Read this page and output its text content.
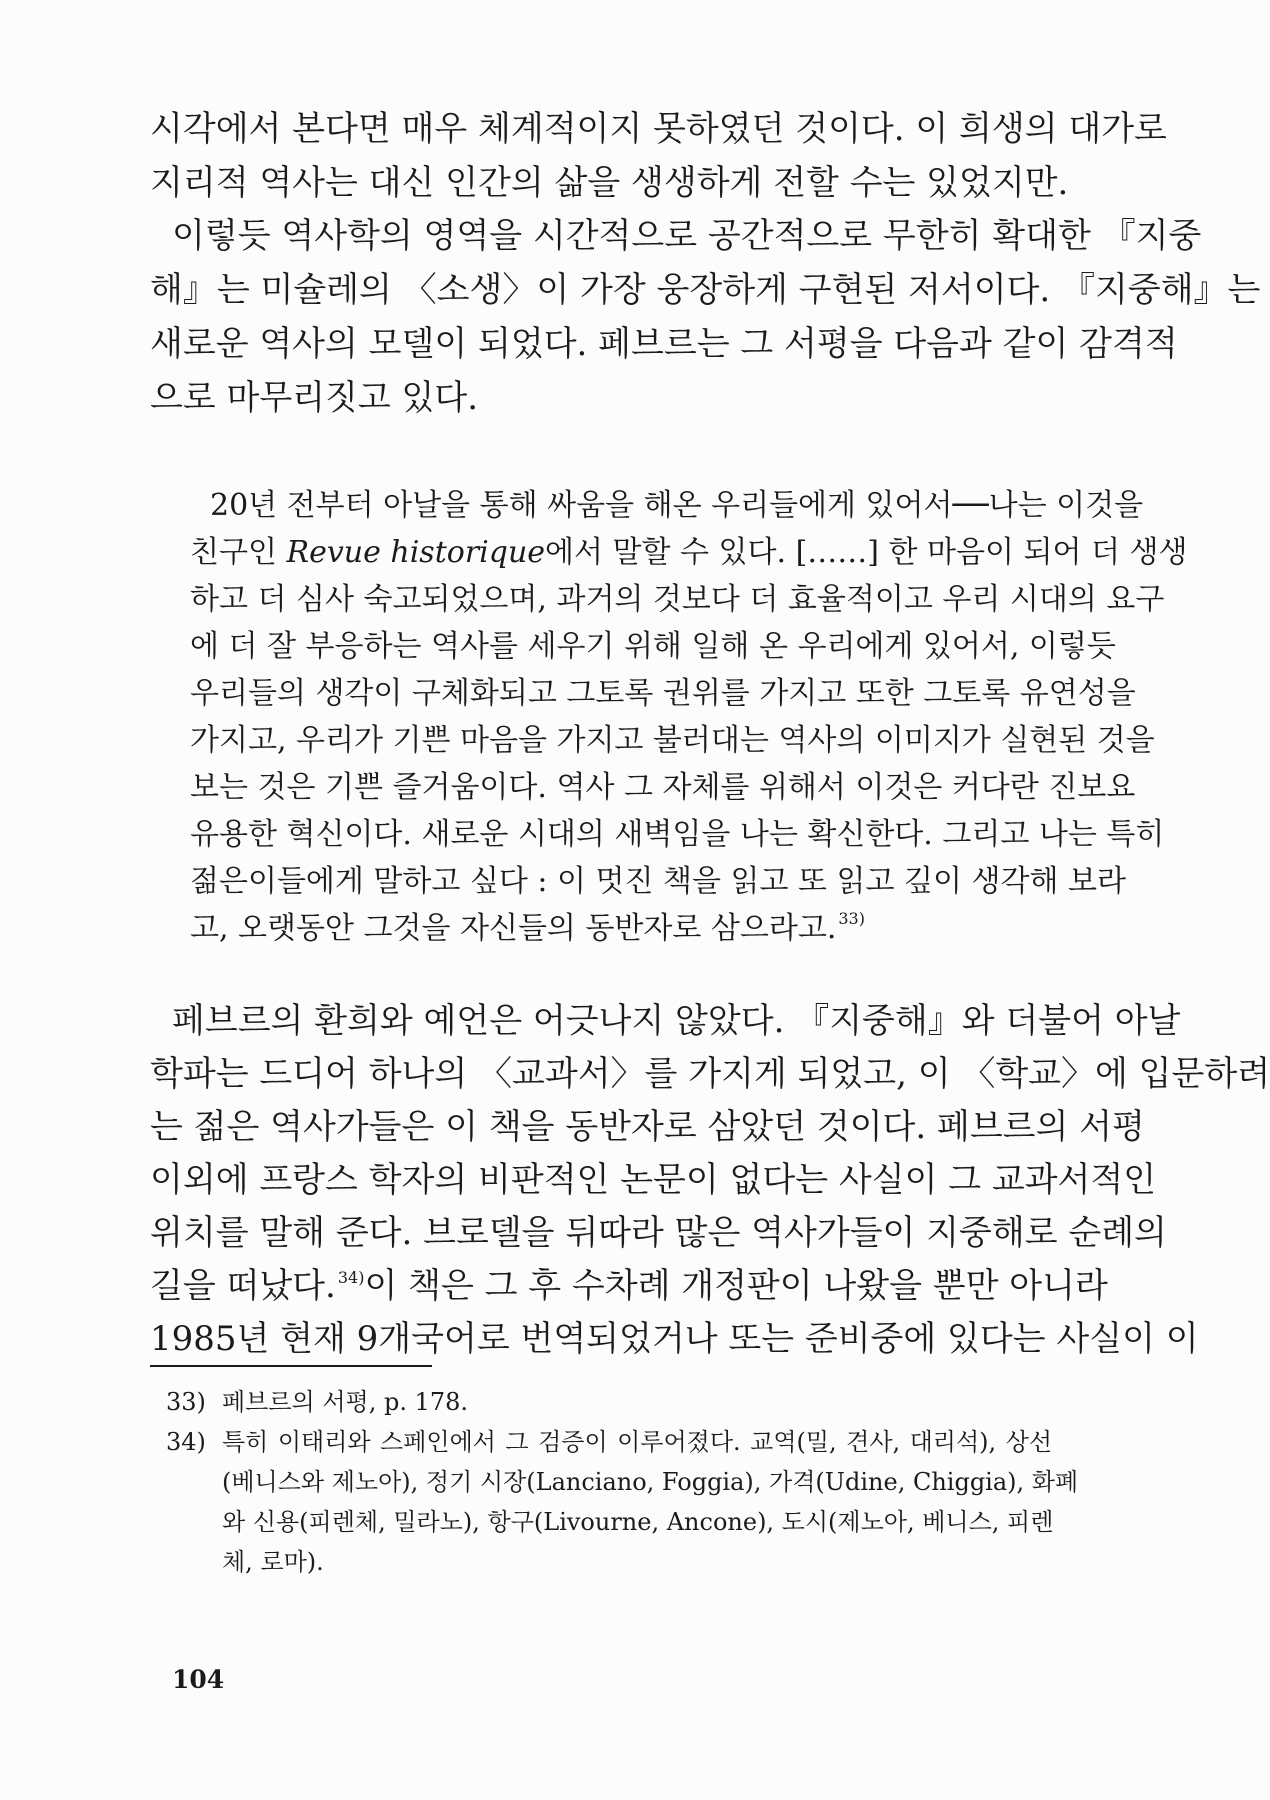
시각에서 본다면 매우 체계적이지 못하였던 것이다. 이 희생의 대가로
지리적 역사는 대신 인간의 삶을 생생하게 전할 수는 있었지만.
이렇듯 역사학의 영역을 시간적으로 공간적으로 무한히 확대한 『지중
해』는 미슐레의 〈소생〉이 가장 웅장하게 구현된 저서이다. 『지중해』는
새로운 역사의 모델이 되었다. 페브르는 그 서평을 다음과 같이 감격적
으로 마무리짓고 있다.
20년 전부터 아날을 통해 싸움을 해온 우리들에게 있어서──나는 이것을
친구인 Revue historique에서 말할 수 있다. [……] 한 마음이 되어 더 생생
하고 더 심사 숙고되었으며, 과거의 것보다 더 효율적이고 우리 시대의 요구
에 더 잘 부응하는 역사를 세우기 위해 일해 온 우리에게 있어서, 이렇듯
우리들의 생각이 구체화되고 그토록 권위를 가지고 또한 그토록 유연성을
가지고, 우리가 기쁜 마음을 가지고 불러대는 역사의 이미지가 실현된 것을
보는 것은 기쁜 즐거움이다. 역사 그 자체를 위해서 이것은 커다란 진보요
유용한 혁신이다. 새로운 시대의 새벽임을 나는 확신한다. 그리고 나는 특히
젊은이들에게 말하고 싶다 : 이 멋진 책을 읽고 또 읽고 깊이 생각해 보라
고, 오랫동안 그것을 자신들의 동반자로 삼으라고. $^{33)}$
페브르의 환희와 예언은 어긋나지 않았다. 『지중해』와 더불어 아날
학파는 드디어 하나의 〈교과서〉를 가지게 되었고, 이 〈학교〉에 입문하려
는 젊은 역사가들은 이 책을 동반자로 삼았던 것이다. 페브르의 서평
이외에 프랑스 학자의 비판적인 논문이 없다는 사실이 그 교과서적인
위치를 말해 준다. 브로델을 뒤따라 많은 역사가들이 지중해로 순례의
길을 떠났다. $^{34)}$ 이 책은 그 후 수차례 개정판이 나왔을 뿐만 아니라
1985년 현재 9개국어로 번역되었거나 또는 준비중에 있다는 사실이 이
33) 페브르의 서평, p. 178.
34) 특히 이태리와 스페인에서 그 검증이 이루어졌다. 교역(밀, 견사, 대리석), 상선
(베니스와 제노아), 정기 시장(Lanciano, Foggia), 가격(Udine, Chiggia), 화폐
와 신용(피렌체, 밀라노), 항구(Livourne, Ancone), 도시(제노아, 베니스, 피렌
체, 로마).
104
